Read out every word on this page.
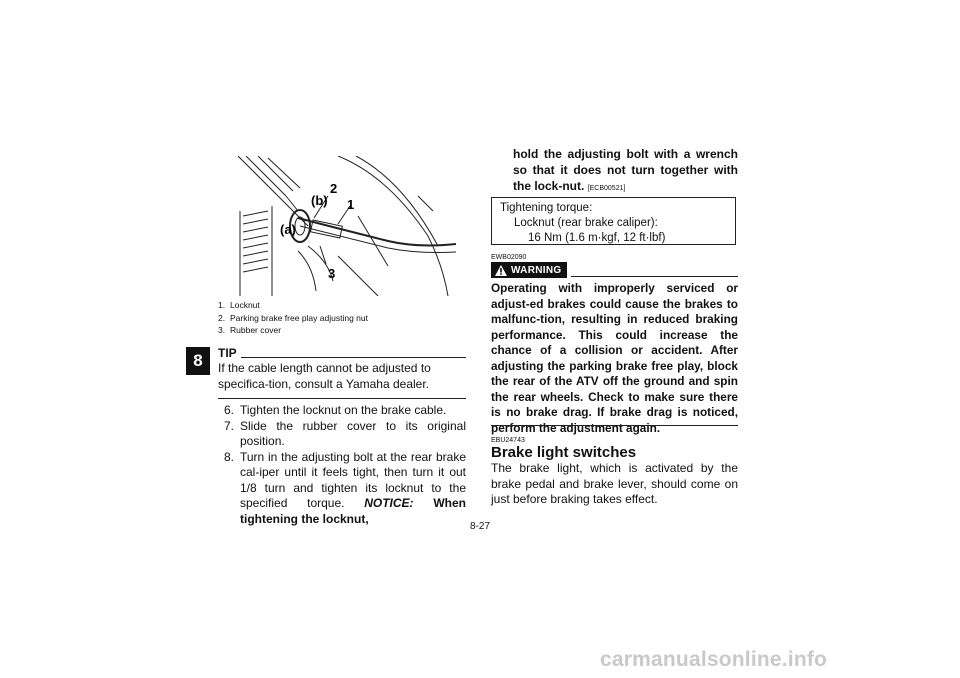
8
(b)
2
1
(a)
3
1. Locknut
2. Parking brake free play adjusting nut
3. Rubber cover
TIP
If the cable length cannot be adjusted to specifica-tion, consult a Yamaha dealer.
6. Tighten the locknut on the brake cable.
7. Slide the rubber cover to its original position.
8. Turn in the adjusting bolt at the rear brake cal-iper until it feels tight, then turn it out 1/8 turn and tighten its locknut to the specified torque. NOTICE: When tightening the locknut,
hold the adjusting bolt with a wrench so that it does not turn together with the lock-nut. [ECB00521]
Tightening torque:
Locknut (rear brake caliper):
16 Nm (1.6 m·kgf, 12 ft·lbf)
EWB02090
WARNING
Operating with improperly serviced or adjust-ed brakes could cause the brakes to malfunc-tion, resulting in reduced braking performance. This could increase the chance of a collision or accident. After adjusting the parking brake free play, block the rear of the ATV off the ground and spin the rear wheels. Check to make sure there is no brake drag. If brake drag is noticed, perform the adjustment again.
EBU24743
Brake light switches
The brake light, which is activated by the brake pedal and brake lever, should come on just before braking takes effect.
8-27
carmanualsonline.info
